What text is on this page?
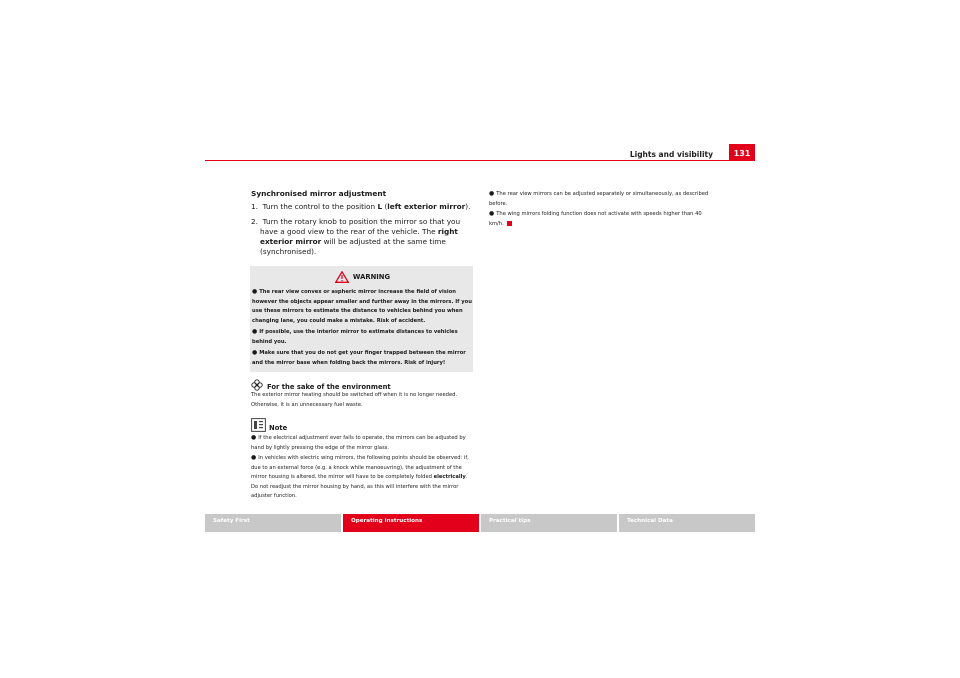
Lights and visibility	131
Synchronised mirror adjustment
1.  Turn the control to the position L (left exterior mirror).
2.  Turn the rotary knob to position the mirror so that you have a good view to the rear of the vehicle. The right exterior mirror will be adjusted at the same time (synchronised).
WARNING
● The rear view convex or aspheric mirror increase the field of vision however the objects appear smaller and further away in the mirrors. If you use these mirrors to estimate the distance to vehicles behind you when changing lane, you could make a mistake. Risk of accident.
● If possible, use the interior mirror to estimate distances to vehicles behind you.
● Make sure that you do not get your finger trapped between the mirror and the mirror base when folding back the mirrors. Risk of injury!
For the sake of the environment
The exterior mirror heating should be switched off when it is no longer needed. Otherwise, it is an unnecessary fuel waste.
Note
● If the electrical adjustment ever fails to operate, the mirrors can be adjusted by hand by lightly pressing the edge of the mirror glass.
● In vehicles with electric wing mirrors, the following points should be observed: if, due to an external force (e.g. a knock while manoeuvring), the adjustment of the mirror housing is altered, the mirror will have to be completely folded electrically. Do not readjust the mirror housing by hand, as this will interfere with the mirror adjuster function.
● The rear view mirrors can be adjusted separately or simultaneously, as described before.
● The wing mirrors folding function does not activate with speeds higher than 40 km/h.
Safety First	Operating instructions	Practical tips	Technical Data
